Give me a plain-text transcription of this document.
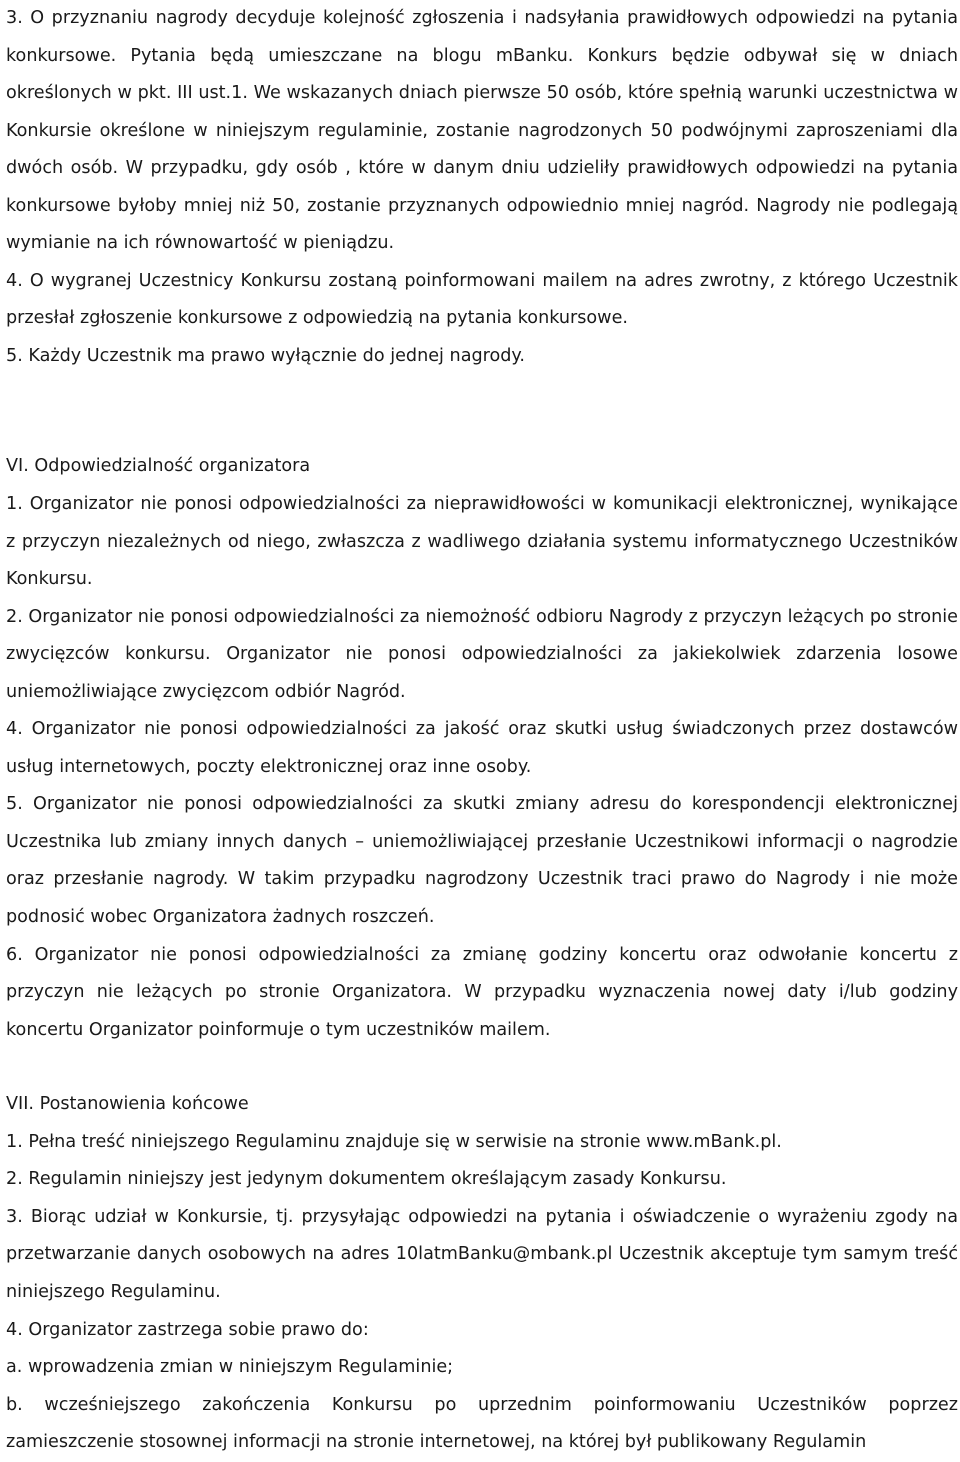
3. O przyznaniu nagrody decyduje kolejność zgłoszenia i nadsyłania prawidłowych odpowiedzi na pytania konkursowe. Pytania będą umieszczane na blogu mBanku. Konkurs będzie odbywał się w dniach określonych w pkt. III ust.1. We wskazanych dniach pierwsze 50 osób, które spełnią warunki uczestnictwa w Konkursie określone w niniejszym regulaminie, zostanie nagrodzonych 50 podwójnymi zaproszeniami dla dwóch osób. W przypadku, gdy osób , które w danym dniu udzieliły prawidłowych odpowiedzi na pytania konkursowe byłoby mniej niż 50, zostanie przyznanych odpowiednio mniej nagród. Nagrody nie podlegają wymianie na ich równowartość w pieniądzu.

4. O wygranej Uczestnicy Konkursu zostaną poinformowani mailem na adres zwrotny, z którego Uczestnik przesłał zgłoszenie konkursowe z odpowiedzią na pytania konkursowe.

5. Każdy Uczestnik ma prawo wyłącznie do jednej nagrody.

VI. Odpowiedzialność organizatora

1. Organizator nie ponosi odpowiedzialności za nieprawidłowości w komunikacji elektronicznej, wynikające z przyczyn niezależnych od niego, zwłaszcza z wadliwego działania systemu informatycznego Uczestników Konkursu.

2. Organizator nie ponosi odpowiedzialności za niemożność odbioru Nagrody z przyczyn leżących po stronie zwycięzców konkursu. Organizator nie ponosi odpowiedzialności za jakiekolwiek zdarzenia losowe uniemożliwiające zwycięzcom odbiór Nagród.

4. Organizator nie ponosi odpowiedzialności za jakość oraz skutki usług świadczonych przez dostawców usług internetowych, poczty elektronicznej oraz inne osoby.

5. Organizator nie ponosi odpowiedzialności za skutki zmiany adresu do korespondencji elektronicznej Uczestnika lub zmiany innych danych – uniemożliwiającej przesłanie Uczestnikowi informacji o nagrodzie oraz przesłanie nagrody. W takim przypadku nagrodzony Uczestnik traci prawo do Nagrody i nie może podnosić wobec Organizatora żadnych roszczeń.

6. Organizator nie ponosi odpowiedzialności za zmianę godziny koncertu oraz odwołanie koncertu z przyczyn nie leżących po stronie Organizatora. W przypadku wyznaczenia nowej daty i/lub godziny koncertu Organizator poinformuje o tym uczestników mailem.

VII. Postanowienia końcowe

1. Pełna treść niniejszego Regulaminu znajduje się w serwisie na stronie www.mBank.pl.

2. Regulamin niniejszy jest jedynym dokumentem określającym zasady Konkursu.

3. Biorąc udział w Konkursie, tj. przysyłając odpowiedzi na pytania i oświadczenie o wyrażeniu zgody na przetwarzanie danych osobowych na adres 10latmBanku@mbank.pl Uczestnik akceptuje tym samym treść niniejszego Regulaminu.

4. Organizator zastrzega sobie prawo do:

a. wprowadzenia zmian w niniejszym Regulaminie;

b. wcześniejszego zakończenia Konkursu po uprzednim poinformowaniu Uczestników poprzez zamieszczenie stosownej informacji na stronie internetowej, na której był publikowany Regulamin
